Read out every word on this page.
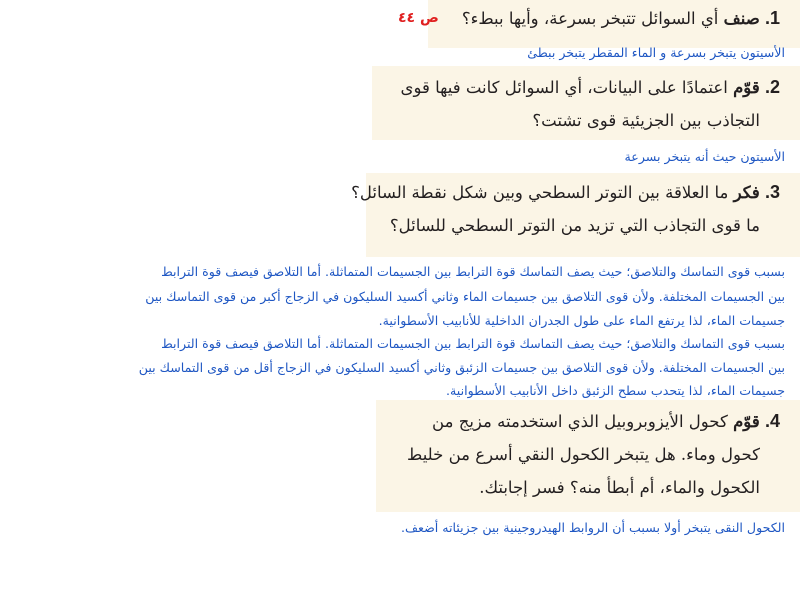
1. صنف أي السوائل تتبخر بسرعة، وأيها ببطء؟
ص ٤٤
الأسيتون يتبخر بسرعة و الماء المقطر يتبخر ببطئ
2. قوّم اعتمادًا على البيانات، أي السوائل كانت فيها قوى
التجاذب بين الجزيئية قوى تشتت؟
الأسيتون حيث أنه يتبخر بسرعة
3. فكر ما العلاقة بين التوتر السطحي وبين شكل نقطة السائل؟
ما قوى التجاذب التي تزيد من التوتر السطحي للسائل؟
بسبب قوى التماسك والتلاصق؛ حيث يصف التماسك قوة الترابط بين الجسيمات المتماثلة. أما التلاصق فيصف قوة الترابط
بين الجسيمات المختلفة. ولأن قوى التلاصق بين جسيمات الماء وثاني أكسيد السليكون في الزجاج أكبر من قوى التماسك بين
جسيمات الماء، لذا يرتفع الماء على طول الجدران الداخلية للأنابيب الأسطوانية.
بسبب قوى التماسك والتلاصق؛ حيث يصف التماسك قوة الترابط بين الجسيمات المتماثلة. أما التلاصق فيصف قوة الترابط
بين الجسيمات المختلفة. ولأن قوى التلاصق بين جسيمات الزئبق وثاني أكسيد السليكون في الزجاج أقل من قوى التماسك بين
جسيمات الماء، لذا يتحدب سطح الزئبق داخل الأنابيب الأسطوانية.
4. قوّم كحول الأيزوبروبيل الذي استخدمته مزيج من
كحول وماء. هل يتبخر الكحول النقي أسرع من خليط
الكحول والماء، أم أبطأ منه؟ فسر إجابتك.
الكحول النقى يتبخر أولا بسبب أن الروابط الهيدروجينية بين جزيئاته أضعف.
